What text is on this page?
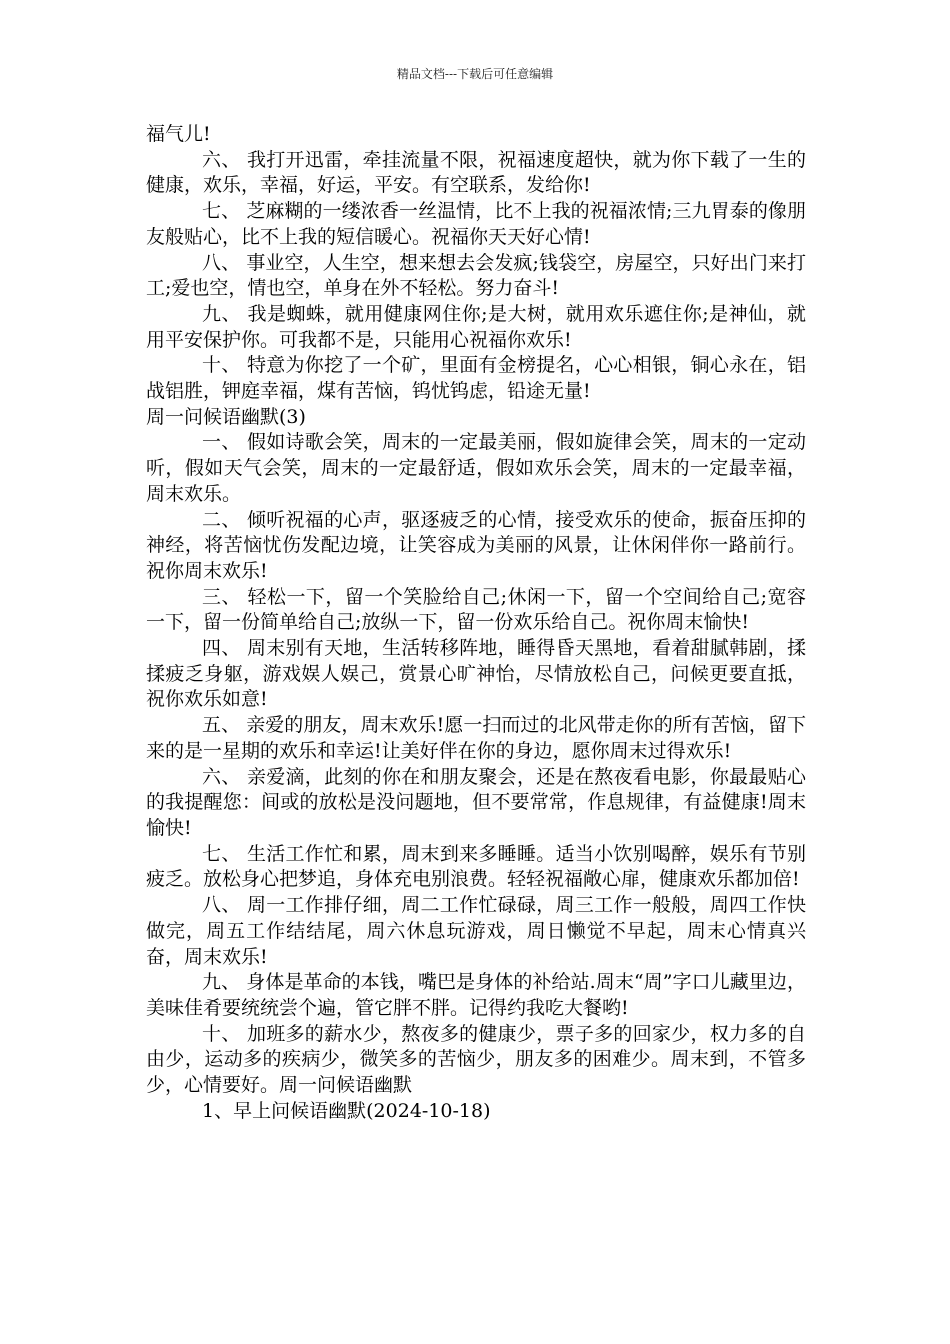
精品文档---下载后可任意编辑

福气儿!

六、 我打开迅雷，牵挂流量不限，祝福速度超快，就为你下载了一生的健康，欢乐，幸福，好运，平安。有空联系，发给你!

七、 芝麻糊的一缕浓香一丝温情，比不上我的祝福浓情;三九胃泰的像朋友般贴心，比不上我的短信暖心。祝福你天天好心情!

八、 事业空，人生空，想来想去会发疯;钱袋空，房屋空，只好出门来打工;爱也空，情也空，单身在外不轻松。努力奋斗!

九、 我是蜘蛛，就用健康网住你;是大树，就用欢乐遮住你;是神仙，就用平安保护你。可我都不是，只能用心祝福你欢乐!

十、 特意为你挖了一个矿，里面有金榜提名，心心相银，铜心永在，铝战铝胜，钾庭幸福，煤有苦恼，钨忧钨虑，铅途无量!

周一问候语幽默(3)

一、 假如诗歌会笑，周末的一定最美丽，假如旋律会笑，周末的一定动听，假如天气会笑，周末的一定最舒适，假如欢乐会笑，周末的一定最幸福，周末欢乐。

二、 倾听祝福的心声，驱逐疲乏的心情，接受欢乐的使命，振奋压抑的神经，将苦恼忧伤发配边境，让笑容成为美丽的风景，让休闲伴你一路前行。祝你周末欢乐!

三、 轻松一下，留一个笑脸给自己;休闲一下，留一个空间给自己;宽容一下，留一份简单给自己;放纵一下，留一份欢乐给自己。祝你周末愉快!

四、 周末别有天地，生活转移阵地，睡得昏天黑地，看着甜腻韩剧，揉揉疲乏身躯，游戏娱人娱己，赏景心旷神怡，尽情放松自己，问候更要直抵，祝你欢乐如意!

五、 亲爱的朋友，周末欢乐!愿一扫而过的北风带走你的所有苦恼，留下来的是一星期的欢乐和幸运!让美好伴在你的身边，愿你周末过得欢乐!

六、 亲爱滴，此刻的你在和朋友聚会，还是在熬夜看电影，你最最贴心的我提醒您：间或的放松是没问题地，但不要常常，作息规律，有益健康!周末愉快!

七、 生活工作忙和累，周末到来多睡睡。适当小饮别喝醉，娱乐有节别疲乏。放松身心把梦追，身体充电别浪费。轻轻祝福敞心扉，健康欢乐都加倍!

八、 周一工作排仔细，周二工作忙碌碌，周三工作一般般，周四工作快做完，周五工作结结尾，周六休息玩游戏，周日懒觉不早起，周末心情真兴奋，周末欢乐!

九、 身体是革命的本钱，嘴巴是身体的补给站.周末“周”字口儿藏里边，美味佳肴要统统尝个遍，管它胖不胖。记得约我吃大餐哟!

十、 加班多的薪水少，熬夜多的健康少，票子多的回家少，权力多的自由少，运动多的疾病少，微笑多的苦恼少，朋友多的困难少。周末到，不管多少，心情要好。周一问候语幽默

1、早上问候语幽默(2024-10-18)
